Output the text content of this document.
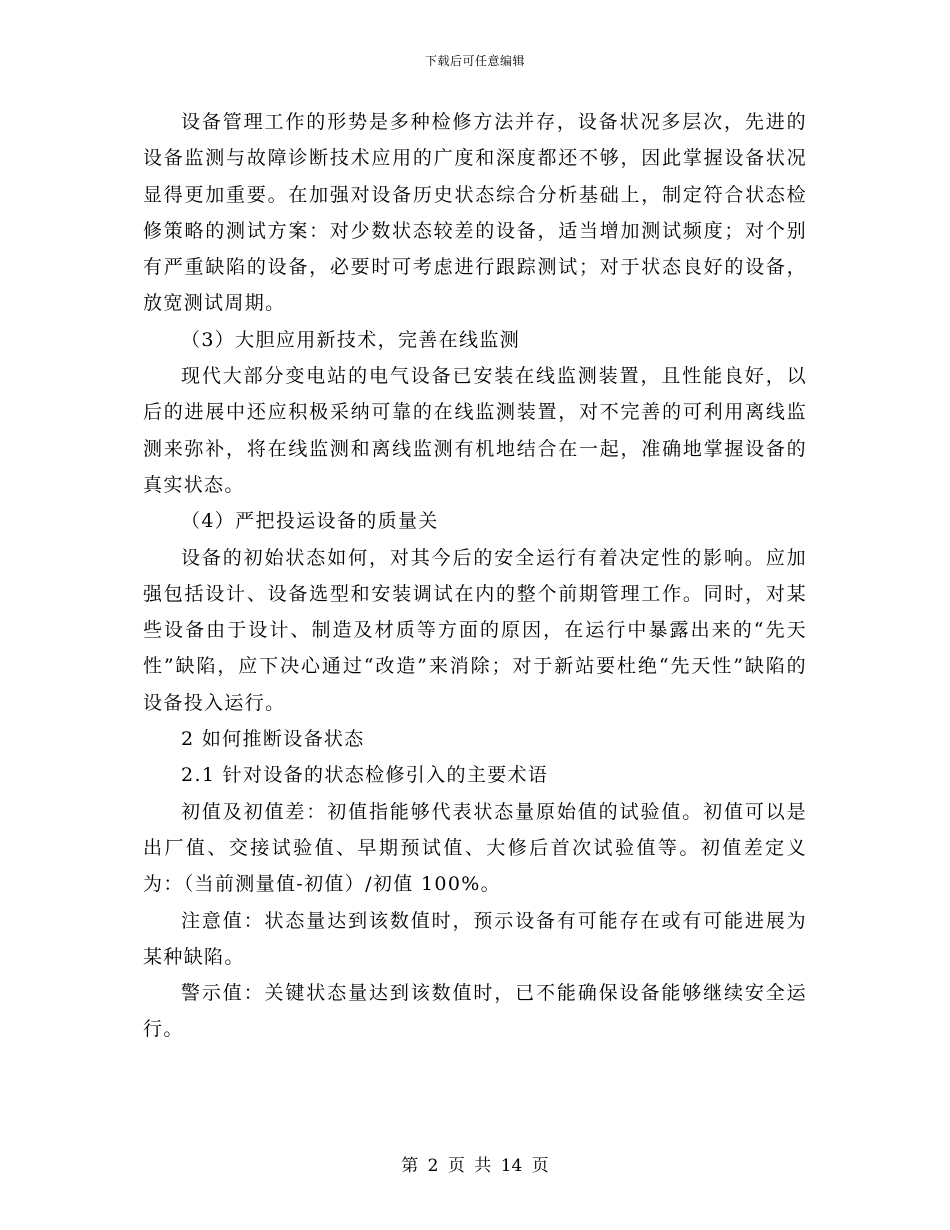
下载后可任意编辑

设备管理工作的形势是多种检修方法并存，设备状况多层次，先进的设备监测与故障诊断技术应用的广度和深度都还不够，因此掌握设备状况显得更加重要。在加强对设备历史状态综合分析基础上，制定符合状态检修策略的测试方案：对少数状态较差的设备，适当增加测试频度；对个别有严重缺陷的设备，必要时可考虑进行跟踪测试；对于状态良好的设备，放宽测试周期。

（3）大胆应用新技术，完善在线监测

现代大部分变电站的电气设备已安装在线监测装置，且性能良好，以后的进展中还应积极采纳可靠的在线监测装置，对不完善的可利用离线监测来弥补，将在线监测和离线监测有机地结合在一起，准确地掌握设备的真实状态。

（4）严把投运设备的质量关

设备的初始状态如何，对其今后的安全运行有着决定性的影响。应加强包括设计、设备选型和安装调试在内的整个前期管理工作。同时，对某些设备由于设计、制造及材质等方面的原因，在运行中暴露出来的“先天性”缺陷，应下决心通过“改造”来消除；对于新站要杜绝“先天性”缺陷的设备投入运行。

2 如何推断设备状态

2.1 针对设备的状态检修引入的主要术语

初值及初值差：初值指能够代表状态量原始值的试验值。初值可以是出厂值、交接试验值、早期预试值、大修后首次试验值等。初值差定义为：（当前测量值-初值）/初值 100%。

注意值：状态量达到该数值时，预示设备有可能存在或有可能进展为某种缺陷。

警示值：关键状态量达到该数值时，已不能确保设备能够继续安全运行。

第 2 页 共 14 页
